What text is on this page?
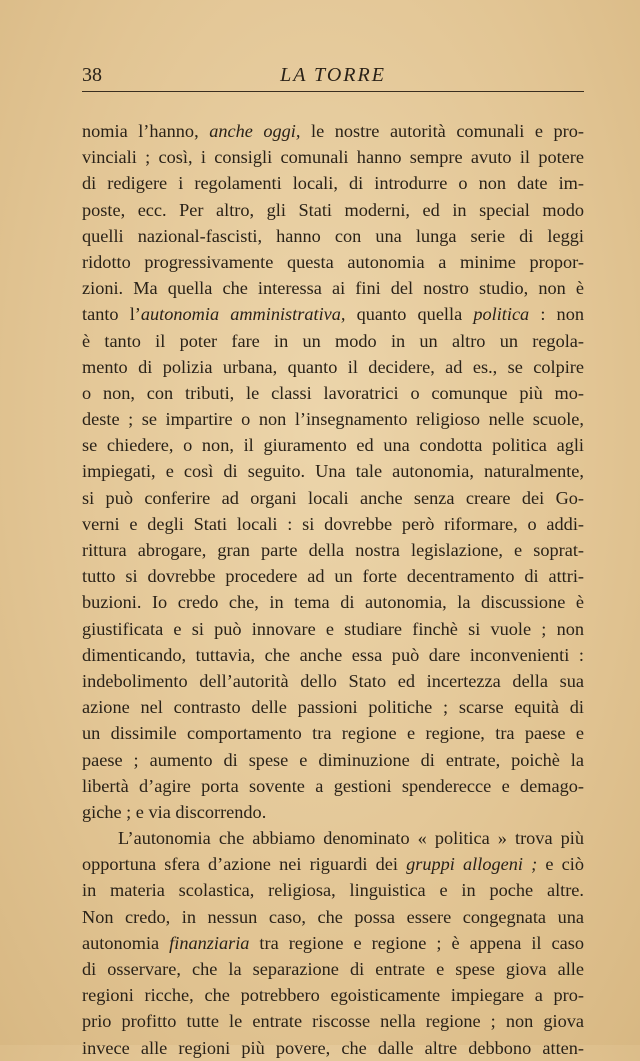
38	LA TORRE
nomia l’hanno, anche oggi, le nostre autorità comunali e pro-
vinciali ; così, i consigli comunali hanno sempre avuto il potere
di redigere i regolamenti locali, di introdurre o non date im-
poste, ecc. Per altro, gli Stati moderni, ed in special modo
quelli nazional-fascisti, hanno con una lunga serie di leggi
ridotto progressivamente questa autonomia a minime propor-
zioni. Ma quella che interessa ai fini del nostro studio, non è
tanto l’autonomia amministrativa, quanto quella politica : non
è tanto il poter fare in un modo in un altro un regola-
mento di polizia urbana, quanto il decidere, ad es., se colpire
o non, con tributi, le classi lavoratrici o comunque più mo-
deste ; se impartire o non l’insegnamento religioso nelle scuole,
se chiedere, o non, il giuramento ed una condotta politica agli
impiegati, e così di seguito. Una tale autonomia, naturalmente,
si può conferire ad organi locali anche senza creare dei Go-
verni e degli Stati locali : si dovrebbe però riformare, o addi-
rittura abrogare, gran parte della nostra legislazione, e soprat-
tutto si dovrebbe procedere ad un forte decentramento di attri-
buzioni. Io credo che, in tema di autonomia, la discussione è
giustificata e si può innovare e studiare finchè si vuole ; non
dimenticando, tuttavia, che anche essa può dare inconvenienti :
indebolimento dell’autorità dello Stato ed incertezza della sua
azione nel contrasto delle passioni politiche ; scarse equità di
un dissimile comportamento tra regione e regione, tra paese e
paese ; aumento di spese e diminuzione di entrate, poichè la
libertà d’agire porta sovente a gestioni spenderecce e demago-
giche ; e via discorrendo.
L’autonomia che abbiamo denominato « politica » trova più
opportuna sfera d’azione nei riguardi dei gruppi allogeni ; e ciò
in materia scolastica, religiosa, linguistica e in poche altre.
Non credo, in nessun caso, che possa essere congegnata una
autonomia finanziaria tra regione e regione ; è appena il caso
di osservare, che la separazione di entrate e spese giova alle
regioni ricche, che potrebbero egoisticamente impiegare a pro-
prio profitto tutte le entrate riscosse nella regione ; non giova
invece alle regioni più povere, che dalle altre debbono atten-
